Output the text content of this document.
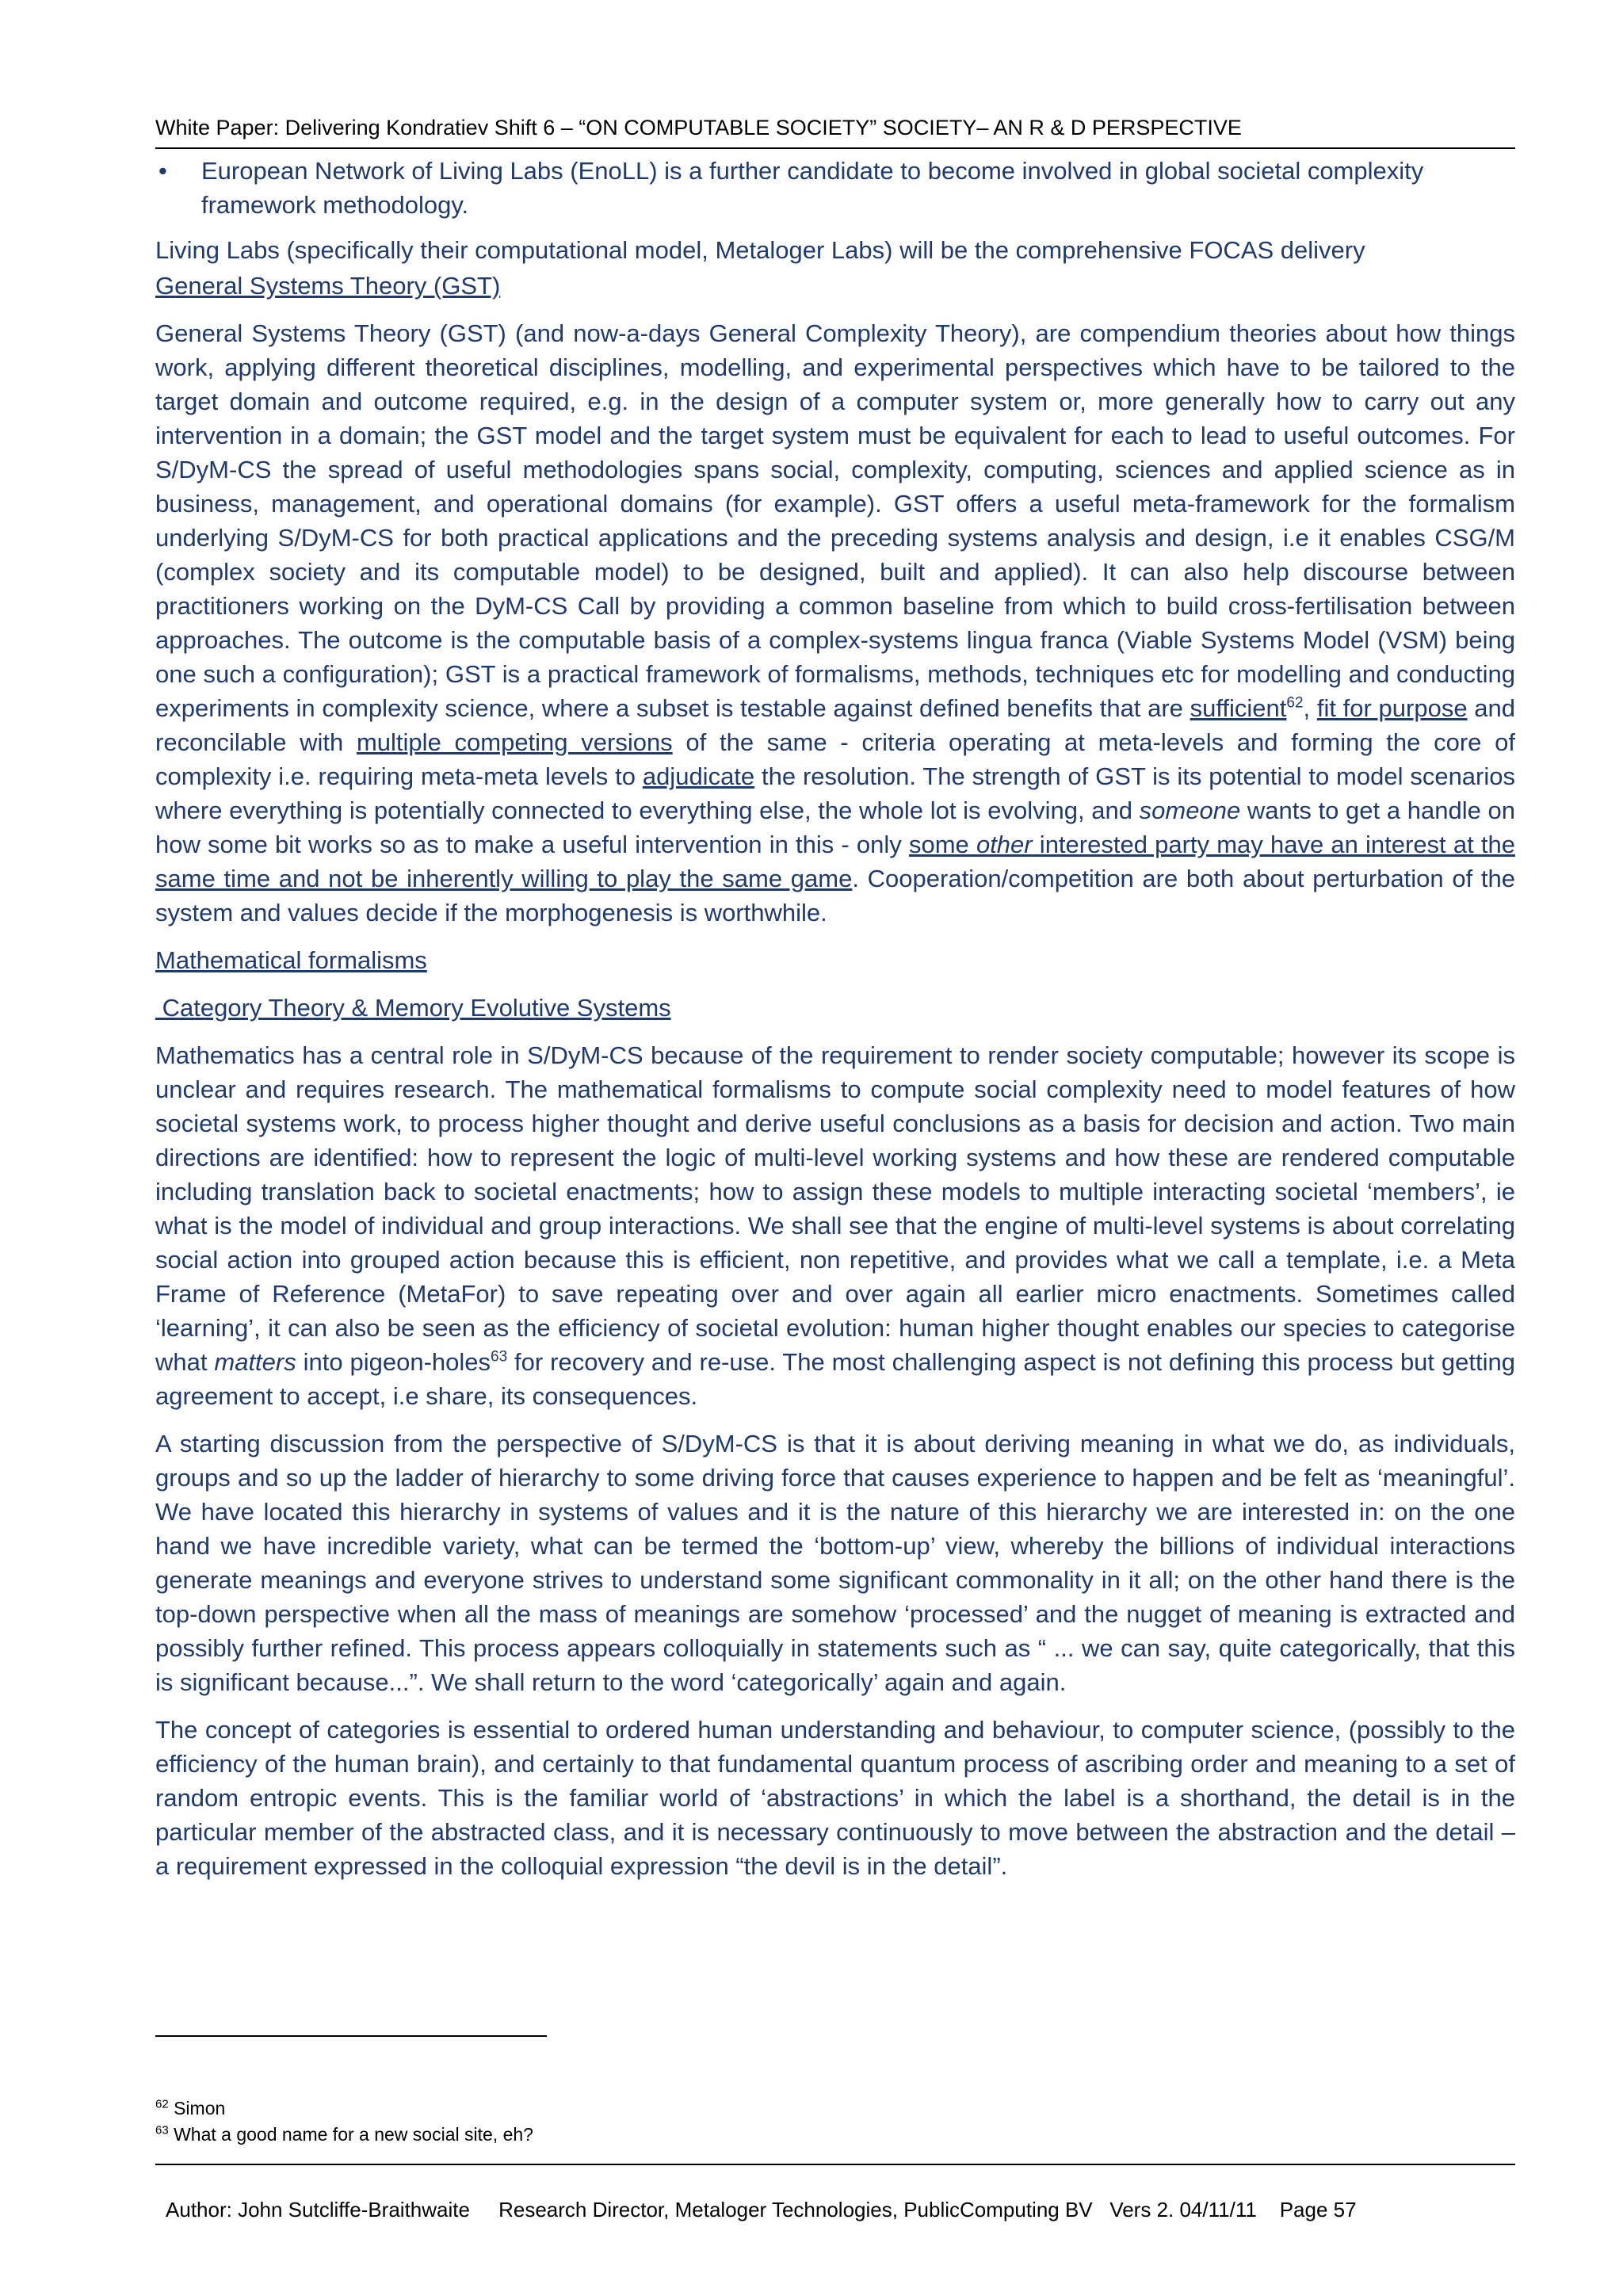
White Paper: Delivering Kondratiev Shift 6 – “ON COMPUTABLE SOCIETY” SOCIETY– AN R & D PERSPECTIVE
• European Network of Living Labs (EnoLL) is a further candidate to become involved in global societal complexity framework methodology.

Living Labs (specifically their computational model, Metaloger Labs) will be the comprehensive FOCAS delivery

General Systems Theory (GST)

General Systems Theory (GST) (and now-a-days General Complexity Theory), are compendium theories about how things work, applying different theoretical disciplines, modelling, and experimental perspectives which have to be tailored to the target domain and outcome required, e.g. in the design of a computer system or, more generally how to carry out any intervention in a domain; the GST model and the target system must be equivalent for each to lead to useful outcomes. For S/DyM-CS the spread of useful methodologies spans social, complexity, computing, sciences and applied science as in business, management, and operational domains (for example). GST offers a useful meta-framework for the formalism underlying S/DyM-CS for both practical applications and the preceding systems analysis and design, i.e it enables CSG/M (complex society and its computable model) to be designed, built and applied). It can also help discourse between practitioners working on the DyM-CS Call by providing a common baseline from which to build cross-fertilisation between approaches. The outcome is the computable basis of a complex-systems lingua franca (Viable Systems Model (VSM) being one such a configuration); GST is a practical framework of formalisms, methods, techniques etc for modelling and conducting experiments in complexity science, where a subset is testable against defined benefits that are sufficient$^{62}$, fit for purpose and reconcilable with multiple competing versions of the same - criteria operating at meta-levels and forming the core of complexity i.e. requiring meta-meta levels to adjudicate the resolution. The strength of GST is its potential to model scenarios where everything is potentially connected to everything else, the whole lot is evolving, and someone wants to get a handle on how some bit works so as to make a useful intervention in this - only some other interested party may have an interest at the same time and not be inherently willing to play the same game. Cooperation/competition are both about perturbation of the system and values decide if the morphogenesis is worthwhile.

Mathematical formalisms

Category Theory & Memory Evolutive Systems

Mathematics has a central role in S/DyM-CS because of the requirement to render society computable; however its scope is unclear and requires research. The mathematical formalisms to compute social complexity need to model features of how societal systems work, to process higher thought and derive useful conclusions as a basis for decision and action. Two main directions are identified: how to represent the logic of multi-level working systems and how these are rendered computable including translation back to societal enactments; how to assign these models to multiple interacting societal ‘members’, ie what is the model of individual and group interactions. We shall see that the engine of multi-level systems is about correlating social action into grouped action because this is efficient, non repetitive, and provides what we call a template, i.e. a Meta Frame of Reference (MetaFor) to save repeating over and over again all earlier micro enactments. Sometimes called ‘learning’, it can also be seen as the efficiency of societal evolution: human higher thought enables our species to categorise what matters into pigeon-holes$^{63}$ for recovery and re-use. The most challenging aspect is not defining this process but getting agreement to accept, i.e share, its consequences.

A starting discussion from the perspective of S/DyM-CS is that it is about deriving meaning in what we do, as individuals, groups and so up the ladder of hierarchy to some driving force that causes experience to happen and be felt as ‘meaningful’. We have located this hierarchy in systems of values and it is the nature of this hierarchy we are interested in: on the one hand we have incredible variety, what can be termed the ‘bottom-up’ view, whereby the billions of individual interactions generate meanings and everyone strives to understand some significant commonality in it all; on the other hand there is the top-down perspective when all the mass of meanings are somehow ‘processed’ and the nugget of meaning is extracted and possibly further refined. This process appears colloquially in statements such as “ ... we can say, quite categorically, that this is significant because...”. We shall return to the word ‘categorically’ again and again.

The concept of categories is essential to ordered human understanding and behaviour, to computer science, (possibly to the efficiency of the human brain), and certainly to that fundamental quantum process of ascribing order and meaning to a set of random entropic events. This is the familiar world of ‘abstractions’ in which the label is a shorthand, the detail is in the particular member of the abstracted class, and it is necessary continuously to move between the abstraction and the detail – a requirement expressed in the colloquial expression “the devil is in the detail”.

$^{62}$ Simon
$^{63}$ What a good name for a new social site, eh?

Author: John Sutcliffe-Braithwaite     Research Director, Metaloger Technologies, PublicComputing BV   Vers 2. 04/11/11    Page 57
